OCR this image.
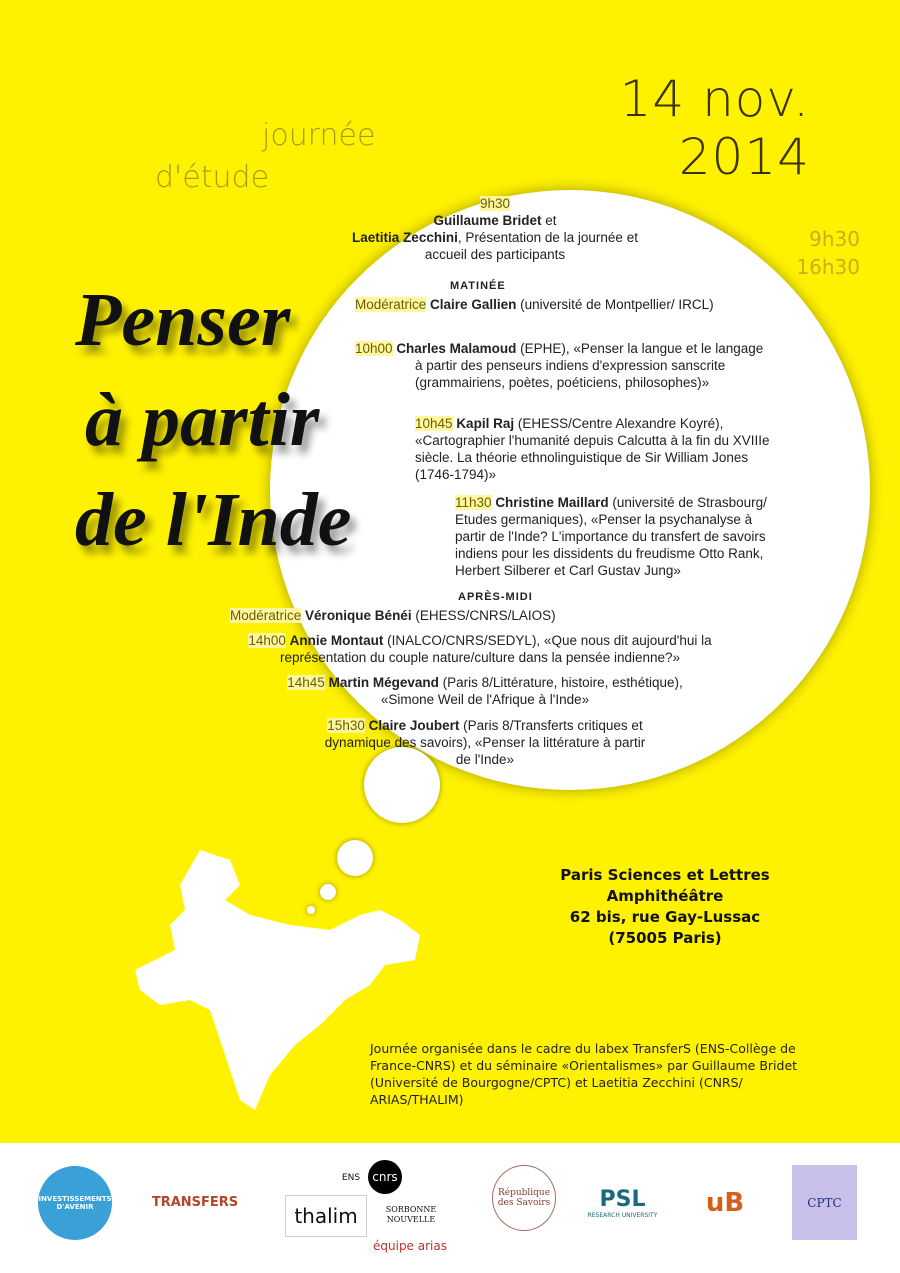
14 nov.
2014
journée
d'étude
9h30
16h30
Penser
à partir
de l'Inde
9h30
Guillaume Bridet et
Laetitia Zecchini, Présentation de la journée et accueil des participants
MATINÉE
Modératrice Claire Gallien (université de Montpellier/ IRCL)
10h00 Charles Malamoud (EPHE), «Penser la langue et le langage à partir des penseurs indiens d'expression sanscrite (grammairiens, poètes, poéticiens, philosophes)»
10h45 Kapil Raj (EHESS/Centre Alexandre Koyré), «Cartographier l'humanité depuis Calcutta à la fin du XVIIIe siècle. La théorie ethnolinguistique de Sir William Jones (1746-1794)»
11h30 Christine Maillard (université de Strasbourg/ Etudes germaniques), «Penser la psychanalyse à partir de l'Inde? L'importance du transfert de savoirs indiens pour les dissidents du freudisme Otto Rank, Herbert Silberer et Carl Gustav Jung»
APRÈS-MIDI
Modératrice Véronique Bénéi (EHESS/CNRS/LAIOS)
14h00 Annie Montaut (INALCO/CNRS/SEDYL), «Que nous dit aujourd'hui la représentation du couple nature/culture dans la pensée indienne?»
14h45 Martin Mégevand (Paris 8/Littérature, histoire, esthétique), «Simone Weil de l'Afrique à l'Inde»
15h30 Claire Joubert (Paris 8/Transferts critiques et dynamique des savoirs), «Penser la littérature à partir de l'Inde»
Paris Sciences et Lettres
Amphithéâtre
62 bis, rue Gay-Lussac
(75005 Paris)
Journée organisée dans le cadre du labex TransferS (ENS-Collège de France-CNRS) et du séminaire «Orientalismes» par Guillaume Bridet (Université de Bourgogne/CPTC) et Laetitia Zecchini (CNRS/ ARIAS/THALIM)
INVESTISSEMENTS D'AVENIR	TRANSFERS
thalim
cnrs
ENS
SORBONNE NOUVELLE
équipe arias
République des Savoirs PSL
RESEARCH UNIVERSITY	uB	CPTC
